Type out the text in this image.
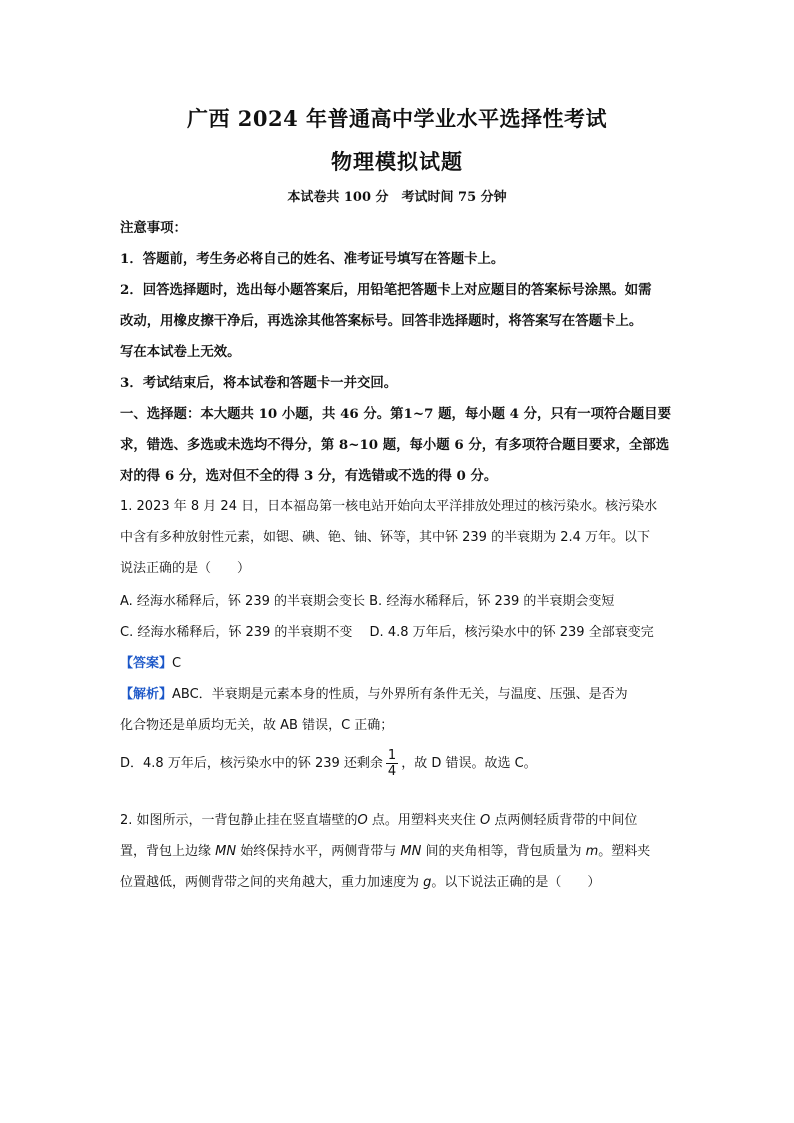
广西 2024 年普通高中学业水平选择性考试
物理模拟试题
本试卷共 100 分　考试时间 75 分钟
注意事项：
1．答题前，考生务必将自己的姓名、准考证号填写在答题卡上。
2．回答选择题时，选出每小题答案后，用铅笔把答题卡上对应题目的答案标号涂黑。如需
改动，用橡皮擦干净后，再选涂其他答案标号。回答非选择题时，将答案写在答题卡上。
写在本试卷上无效。
3．考试结束后，将本试卷和答题卡一并交回。
一、选择题：本大题共 10 小题，共 46 分。第1~7 题，每小题 4 分，只有一项符合题目要
求，错选、多选或未选均不得分，第 8~10 题，每小题 6 分，有多项符合题目要求，全部选
对的得 6 分，选对但不全的得 3 分，有选错或不选的得 0 分。
1. 2023 年 8 月 24 日，日本福岛第一核电站开始向太平洋排放处理过的核污染水。核污染水
中含有多种放射性元素，如锶、碘、铯、铀、钚等，其中钚 239 的半衰期为 2.4 万年。以下
说法正确的是（　　）
A. 经海水稀释后，钚 239 的半衰期会变长 B. 经海水稀释后，钚 239 的半衰期会变短
C. 经海水稀释后，钚 239 的半衰期不变　 D. 4.8 万年后，核污染水中的钚 239 全部衰变完
【答案】C
【解析】ABC．半衰期是元素本身的性质，与外界所有条件无关，与温度、压强、是否为
化合物还是单质均无关，故 AB 错误，C 正确；
D．4.8 万年后，核污染水中的钚 239 还剩余 $\frac{1}{4}$ ，故 D 错误。故选 C。
2. 如图所示，一背包静止挂在竖直墙壁的O 点。用塑料夹夹住 O 点两侧轻质背带的中间位
置，背包上边缘 MN 始终保持水平，两侧背带与 MN 间的夹角相等，背包质量为 m。塑料夹
位置越低，两侧背带之间的夹角越大，重力加速度为 g。以下说法正确的是（　　）
